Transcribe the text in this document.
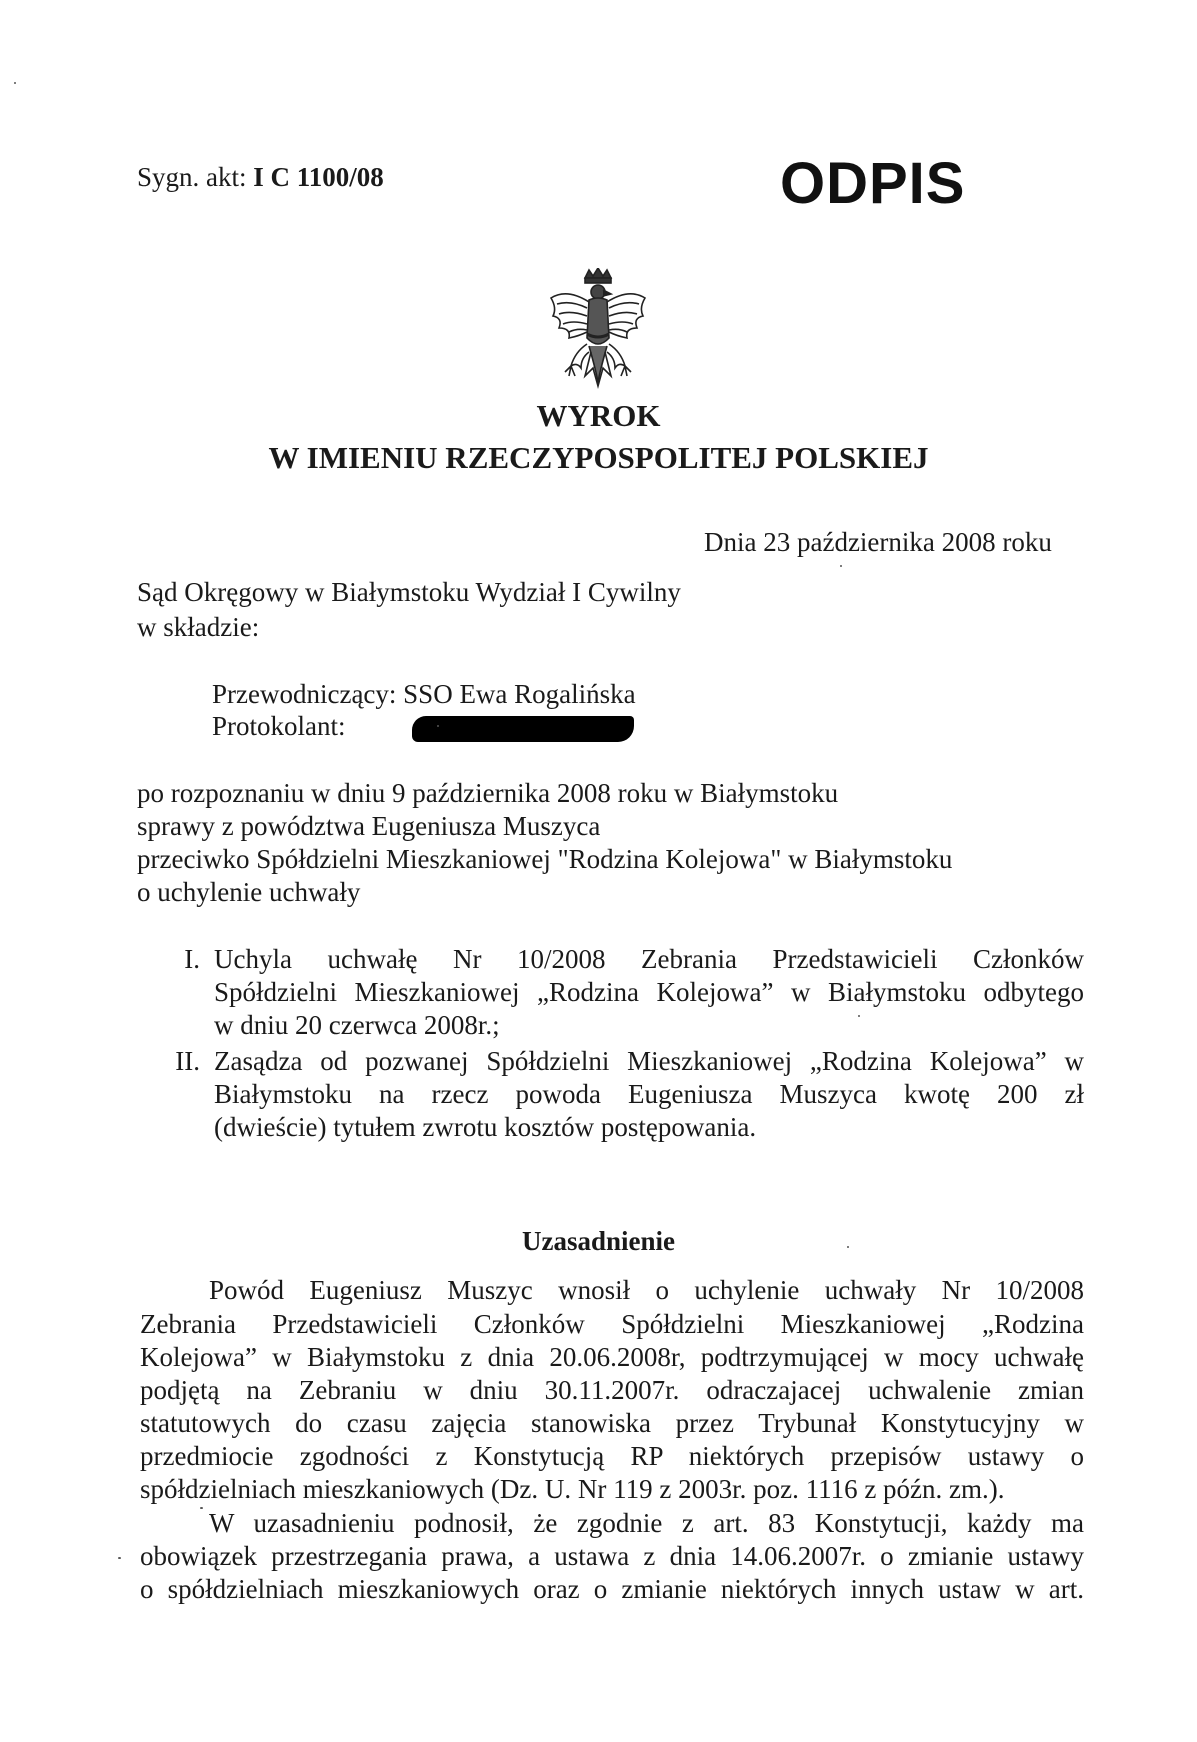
Sygn. akt: I C 1100/08	ODPIS
WYROK
W IMIENIU RZECZYPOSPOLITEJ POLSKIEJ
Dnia 23 października 2008 roku
Sąd Okręgowy w Białymstoku Wydział I Cywilny
w składzie:
Przewodniczący: SSO Ewa Rogalińska
Protokolant:
po rozpoznaniu w dniu 9 października 2008 roku w Białymstoku
sprawy z powództwa Eugeniusza Muszyca
przeciwko Spółdzielni Mieszkaniowej "Rodzina Kolejowa" w Białymstoku
o uchylenie uchwały
I. Uchyla uchwałę Nr 10/2008 Zebrania Przedstawicieli Członków
Spółdzielni Mieszkaniowej „Rodzina Kolejowa” w Białymstoku odbytego
w dniu 20 czerwca 2008r.;
II. Zasądza od pozwanej Spółdzielni Mieszkaniowej „Rodzina Kolejowa” w
Białymstoku na rzecz powoda Eugeniusza Muszyca kwotę 200 zł
(dwieście) tytułem zwrotu kosztów postępowania.
Uzasadnienie
Powód Eugeniusz Muszyc wnosił o uchylenie uchwały Nr 10/2008
Zebrania Przedstawicieli Członków Spółdzielni Mieszkaniowej „Rodzina
Kolejowa” w Białymstoku z dnia 20.06.2008r, podtrzymującej w mocy uchwałę
podjętą na Zebraniu w dniu 30.11.2007r. odraczajacej uchwalenie zmian
statutowych do czasu zajęcia stanowiska przez Trybunał Konstytucyjny w
przedmiocie zgodności z Konstytucją RP niektórych przepisów ustawy o
spółdzielniach mieszkaniowych (Dz. U. Nr 119 z 2003r. poz. 1116 z późn. zm.).
W uzasadnieniu podnosił, że zgodnie z art. 83 Konstytucji, każdy ma
obowiązek przestrzegania prawa, a ustawa z dnia 14.06.2007r. o zmianie ustawy
o spółdzielniach mieszkaniowych oraz o zmianie niektórych innych ustaw w art.
